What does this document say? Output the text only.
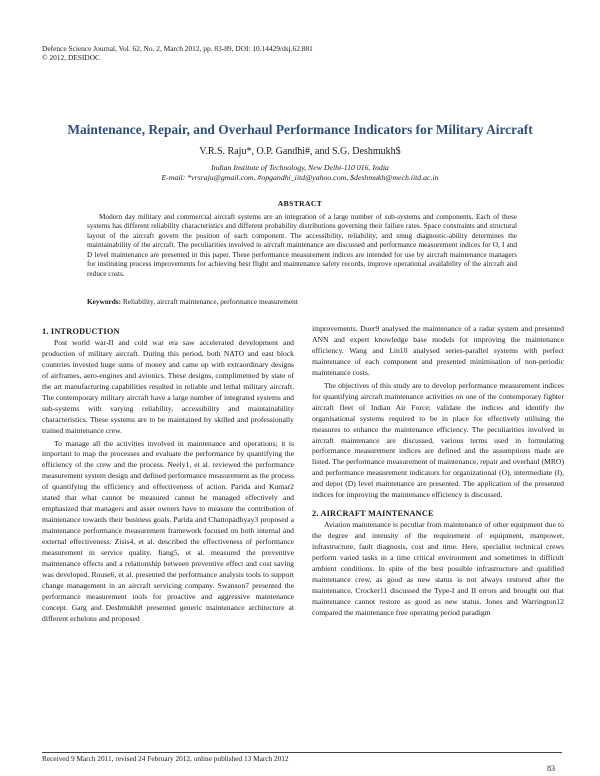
Defence Science Journal, Vol. 62, No. 2, March 2012, pp. 83-89, DOI: 10.14429/dsj.62.881
© 2012, DESIDOC
Maintenance, Repair, and Overhaul Performance Indicators for Military Aircraft
V.R.S. Raju*, O.P. Gandhi#, and S.G. Deshmukh$
Indian Institute of Technology, New Delhi-110 016, India
E-mail: *vrsraju@gmail.com, #opgandhi_iitd@yahoo.com, $deshmukh@mech.iitd.ac.in
ABSTRACT

Modern day military and commercial aircraft systems are an integration of a large number of sub-systems and components. Each of these systems has different reliability characteristics and different probability distributions governing their failure rates. Space constraints and structural layout of the aircraft govern the position of each component. The accessibility, reliability, and smug diagnostic-ability determines the maintainability of the aircraft. The peculiarities involved in aircraft maintenance are discussed and performance measurement indices for O, I and D level maintenance are presented in this paper. These performance measurement indices are intended for use by aircraft maintenance managers for instituting process improvements for achieving best flight and maintenance safety records, improve operational availability of the aircraft and reduce costs.

Keywords: Reliability, aircraft maintenance, performance measurement

1. INTRODUCTION

Post world war-II and cold war era saw accelerated development and production of military aircraft. During this period, both NATO and east block countries invested huge sums of money and came up with extraordinary designs of airframes, aero-engines and avionics. These designs, complimented by state of the art manufacturing capabilities resulted in reliable and lethal military aircraft. The contemporary military aircraft have a large number of integrated systems and sub-systems with varying reliability, accessibility and maintainability characteristics. These systems are to be maintained by skilled and professionally trained maintenance crew.

To manage all the activities involved in maintenance and operations; it is important to map the processes and evaluate the performance by quantifying the efficiency of the crew and the process. Neely1, et al. reviewed the performance measurement system design and defined performance measurement as the process of quantifying the efficiency and effectiveness of action. Parida and Kumar2 stated that what cannot be measured cannot be managed effectively and emphasized that managers and asset owners have to measure the contribution of maintenance towards their business goals. Parida and Chattopadhyay3 proposed a maintenance performance measurement framework focused on both internal and external effectiveness. Zisis4, et al. described the effectiveness of performance measurement in service quality. Jiang5, et al. measured the preventive maintenance effects and a relationship between preventive effect and cost saving was developed. Rouse6, et al. presented the performance analysis tools to support change management in an aircraft servicing company. Swanson7 presented the performance measurement tools for proactive and aggressive maintenance concept. Garg and Deshmukh8 presented generic maintenance architecture at different echelons and proposed

improvements. Duer9 analysed the maintenance of a radar system and presented ANN and expert knowledge base models for improving the maintenance efficiency. Wang and Lin10 analysed series-parallel systems with perfect maintenance of each component and presented minimisation of non-periodic maintenance costs.

The objectives of this study are to develop performance measurement indices for quantifying aircraft maintenance activities on one of the contemporary fighter aircraft fleet of Indian Air Force; validate the indices and identify the organisational systems required to be in place for effectively utilising the measures to enhance the maintenance efficiency. The peculiarities involved in aircraft maintenance are discussed, various terms used in formulating performance measurement indices are defined and the assumptions made are listed. The performance measurement of maintenance, repair and overhaul (MRO) and performance measurement indicators for organizational (O), intermediate (I), and depot (D) level maintenance are presented. The application of the presented indices for improving the maintenance efficiency is discussed.

2. AIRCRAFT MAINTENANCE

Aviation maintenance is peculiar from maintenance of other equipment due to the degree and intensity of the requirement of equipment, manpower, infrastructure, fault diagnosis, cost and time. Here, specialist technical crews perform varied tasks in a time critical environment and sometimes in difficult ambient conditions. In spite of the best possible infrastructure and qualified maintenance crew, as good as new status is not always restored after the maintenance. Crocker11 discussed the Type-I and II errors and brought out that maintenance cannot restore as good as new status. Jones and Warrington12 compared the maintenance free operating period paradigm

Received 9 March 2011, revised 24 February 2012, online published 13 March 2012
83
